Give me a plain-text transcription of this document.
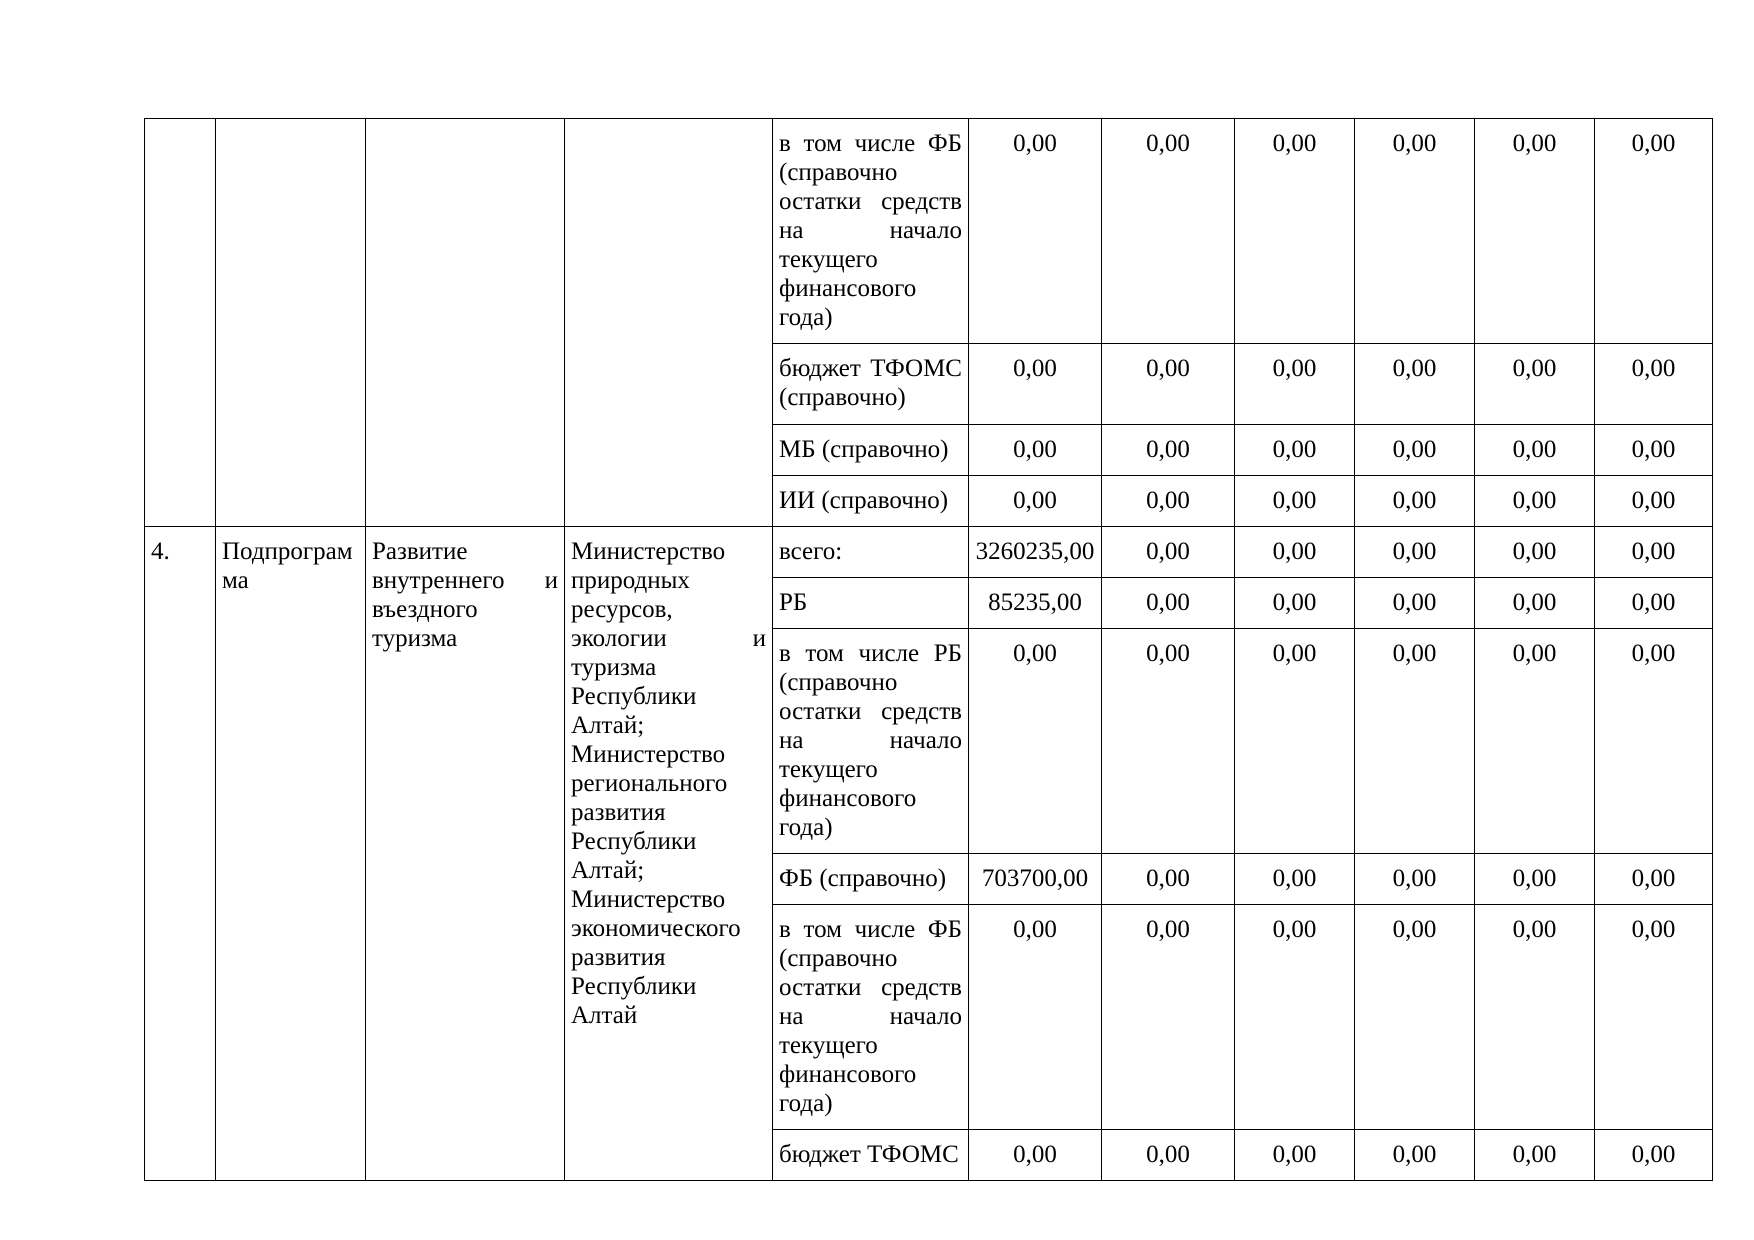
				в том числе ФБ (справочно остатки средств на начало текущего финансового года)	0,00	0,00	0,00	0,00	0,00	0,00
				бюджет ТФОМС (справочно)	0,00	0,00	0,00	0,00	0,00	0,00
				МБ (справочно)	0,00	0,00	0,00	0,00	0,00	0,00
				ИИ (справочно)	0,00	0,00	0,00	0,00	0,00	0,00
4.	Подпрограмма	Развитие внутреннего и въездного туризма	Министерство природных ресурсов, экологии и туризма Республики Алтай; Министерство регионального развития Республики Алтай; Министерство экономического развития Республики Алтай	всего:	3260235,00	0,00	0,00	0,00	0,00	0,00
				РБ	85235,00	0,00	0,00	0,00	0,00	0,00
				в том числе РБ (справочно остатки средств на начало текущего финансового года)	0,00	0,00	0,00	0,00	0,00	0,00
				ФБ (справочно)	703700,00	0,00	0,00	0,00	0,00	0,00
				в том числе ФБ (справочно остатки средств на начало текущего финансового года)	0,00	0,00	0,00	0,00	0,00	0,00
				бюджет ТФОМС	0,00	0,00	0,00	0,00	0,00	0,00
